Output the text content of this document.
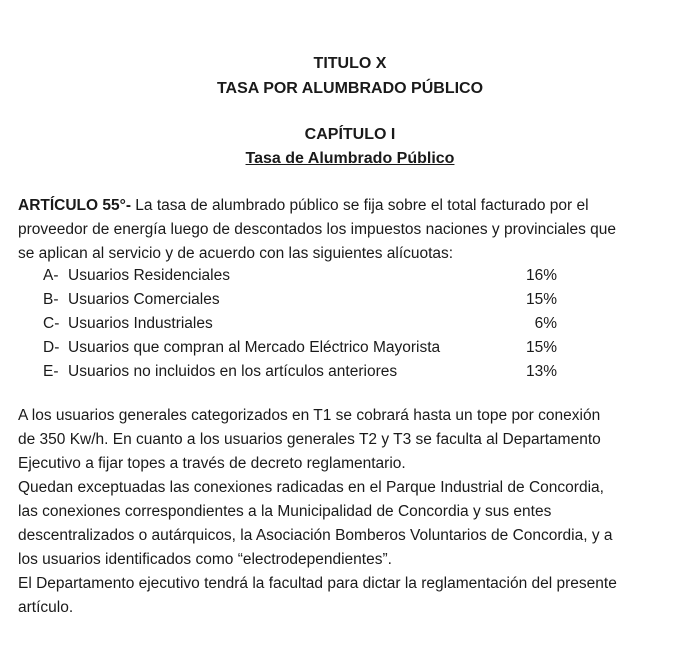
TITULO X
TASA POR ALUMBRADO PÚBLICO
CAPÍTULO I
Tasa de Alumbrado Público
ARTÍCULO 55°- La tasa de alumbrado público se fija sobre el total facturado por el
proveedor de energía luego de descontados los impuestos naciones y provinciales que
se aplican al servicio y de acuerdo con las siguientes alícuotas:
A- Usuarios Residenciales	16%
B- Usuarios Comerciales	15%
C- Usuarios Industriales	6%
D- Usuarios que compran al Mercado Eléctrico Mayorista	15%
E- Usuarios no incluidos en los artículos anteriores	13%
A los usuarios generales categorizados en T1 se cobrará hasta un tope por conexión
de 350 Kw/h. En cuanto a los usuarios generales T2 y T3 se faculta al Departamento
Ejecutivo a fijar topes a través de decreto reglamentario.
Quedan exceptuadas las conexiones radicadas en el Parque Industrial de Concordia,
las conexiones correspondientes a la Municipalidad de Concordia y sus entes
descentralizados o autárquicos, la Asociación Bomberos Voluntarios de Concordia, y a
los usuarios identificados como “electrodependientes”.
El Departamento ejecutivo tendrá la facultad para dictar la reglamentación del presente
artículo.
